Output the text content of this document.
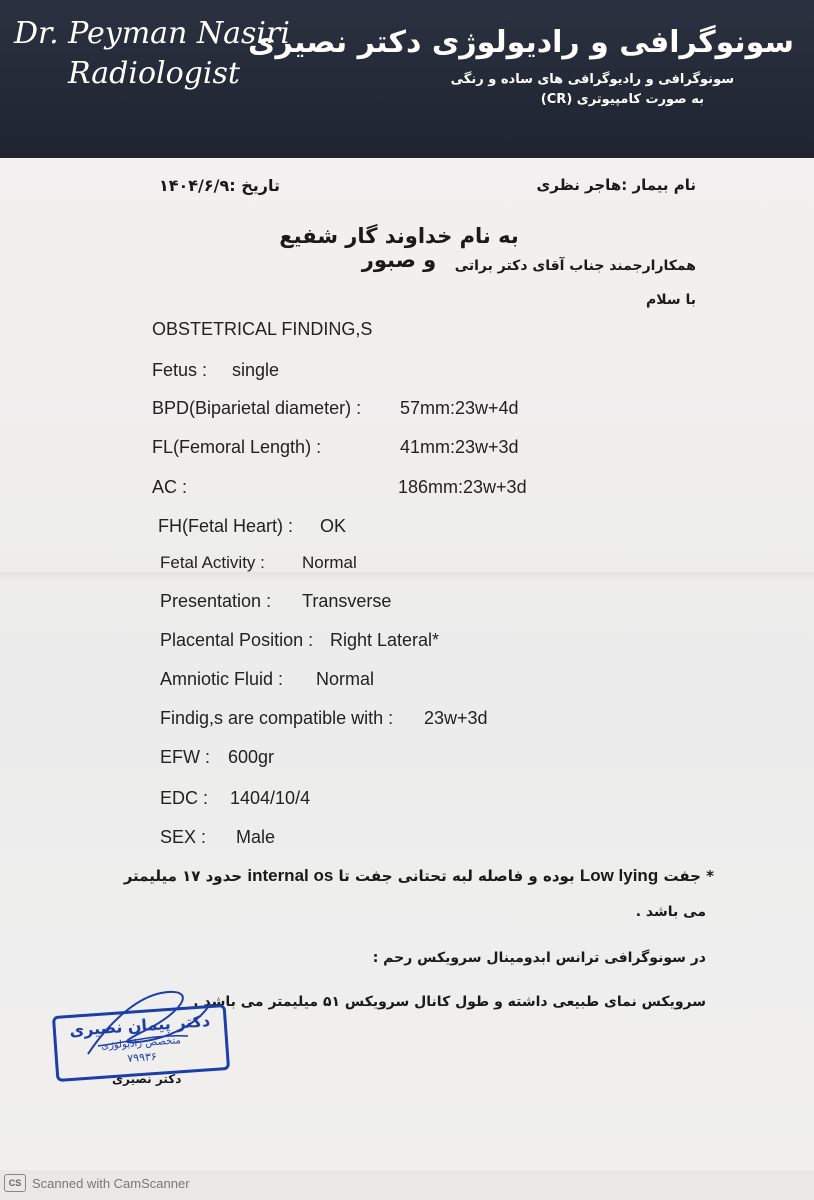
Dr. Peyman Nasiri
Radiologist
سونوگرافی و رادیولوژی دکتر نصیری
سونوگرافی و رادیوگرافی های ساده و رنگی
به صورت کامپیوتری (CR)
تاریخ :۱۴۰۴/۶/۹	نام بیمار :هاجر نظری
به نام خداوند گار شفیع و صبور	همکارارجمند جناب آقای دکتر براتی
با سلام
OBSTETRICAL FINDING,S
Fetus : single
BPD(Biparietal diameter) : 57mm:23w+4d
FL(Femoral Length) :	41mm:23w+3d
AC :	186mm:23w+3d
FH(Fetal Heart) : OK
Fetal Activity : Normal
Presentation : Transverse
Placental Position : Right Lateral*
Amniotic Fluid : Normal
Findig,s are compatible with : 23w+3d
EFW : 600gr
EDC : 1404/10/4
SEX : Male
* جفت Low lying بوده و فاصله لبه تحتانی جفت تا internal os حدود ۱۷ میلیمتر
می باشد .
در سونوگرافی ترانس ابدومینال سرویکس رحم :
سرویکس نمای طبیعی داشته و طول کانال سرویکس ۵۱ میلیمتر می باشد .
دکتر پیمان نصیری
متخصص رادیولوژی
۷۹۹۳۶
دکتر نصیری
CS Scanned with CamScanner
